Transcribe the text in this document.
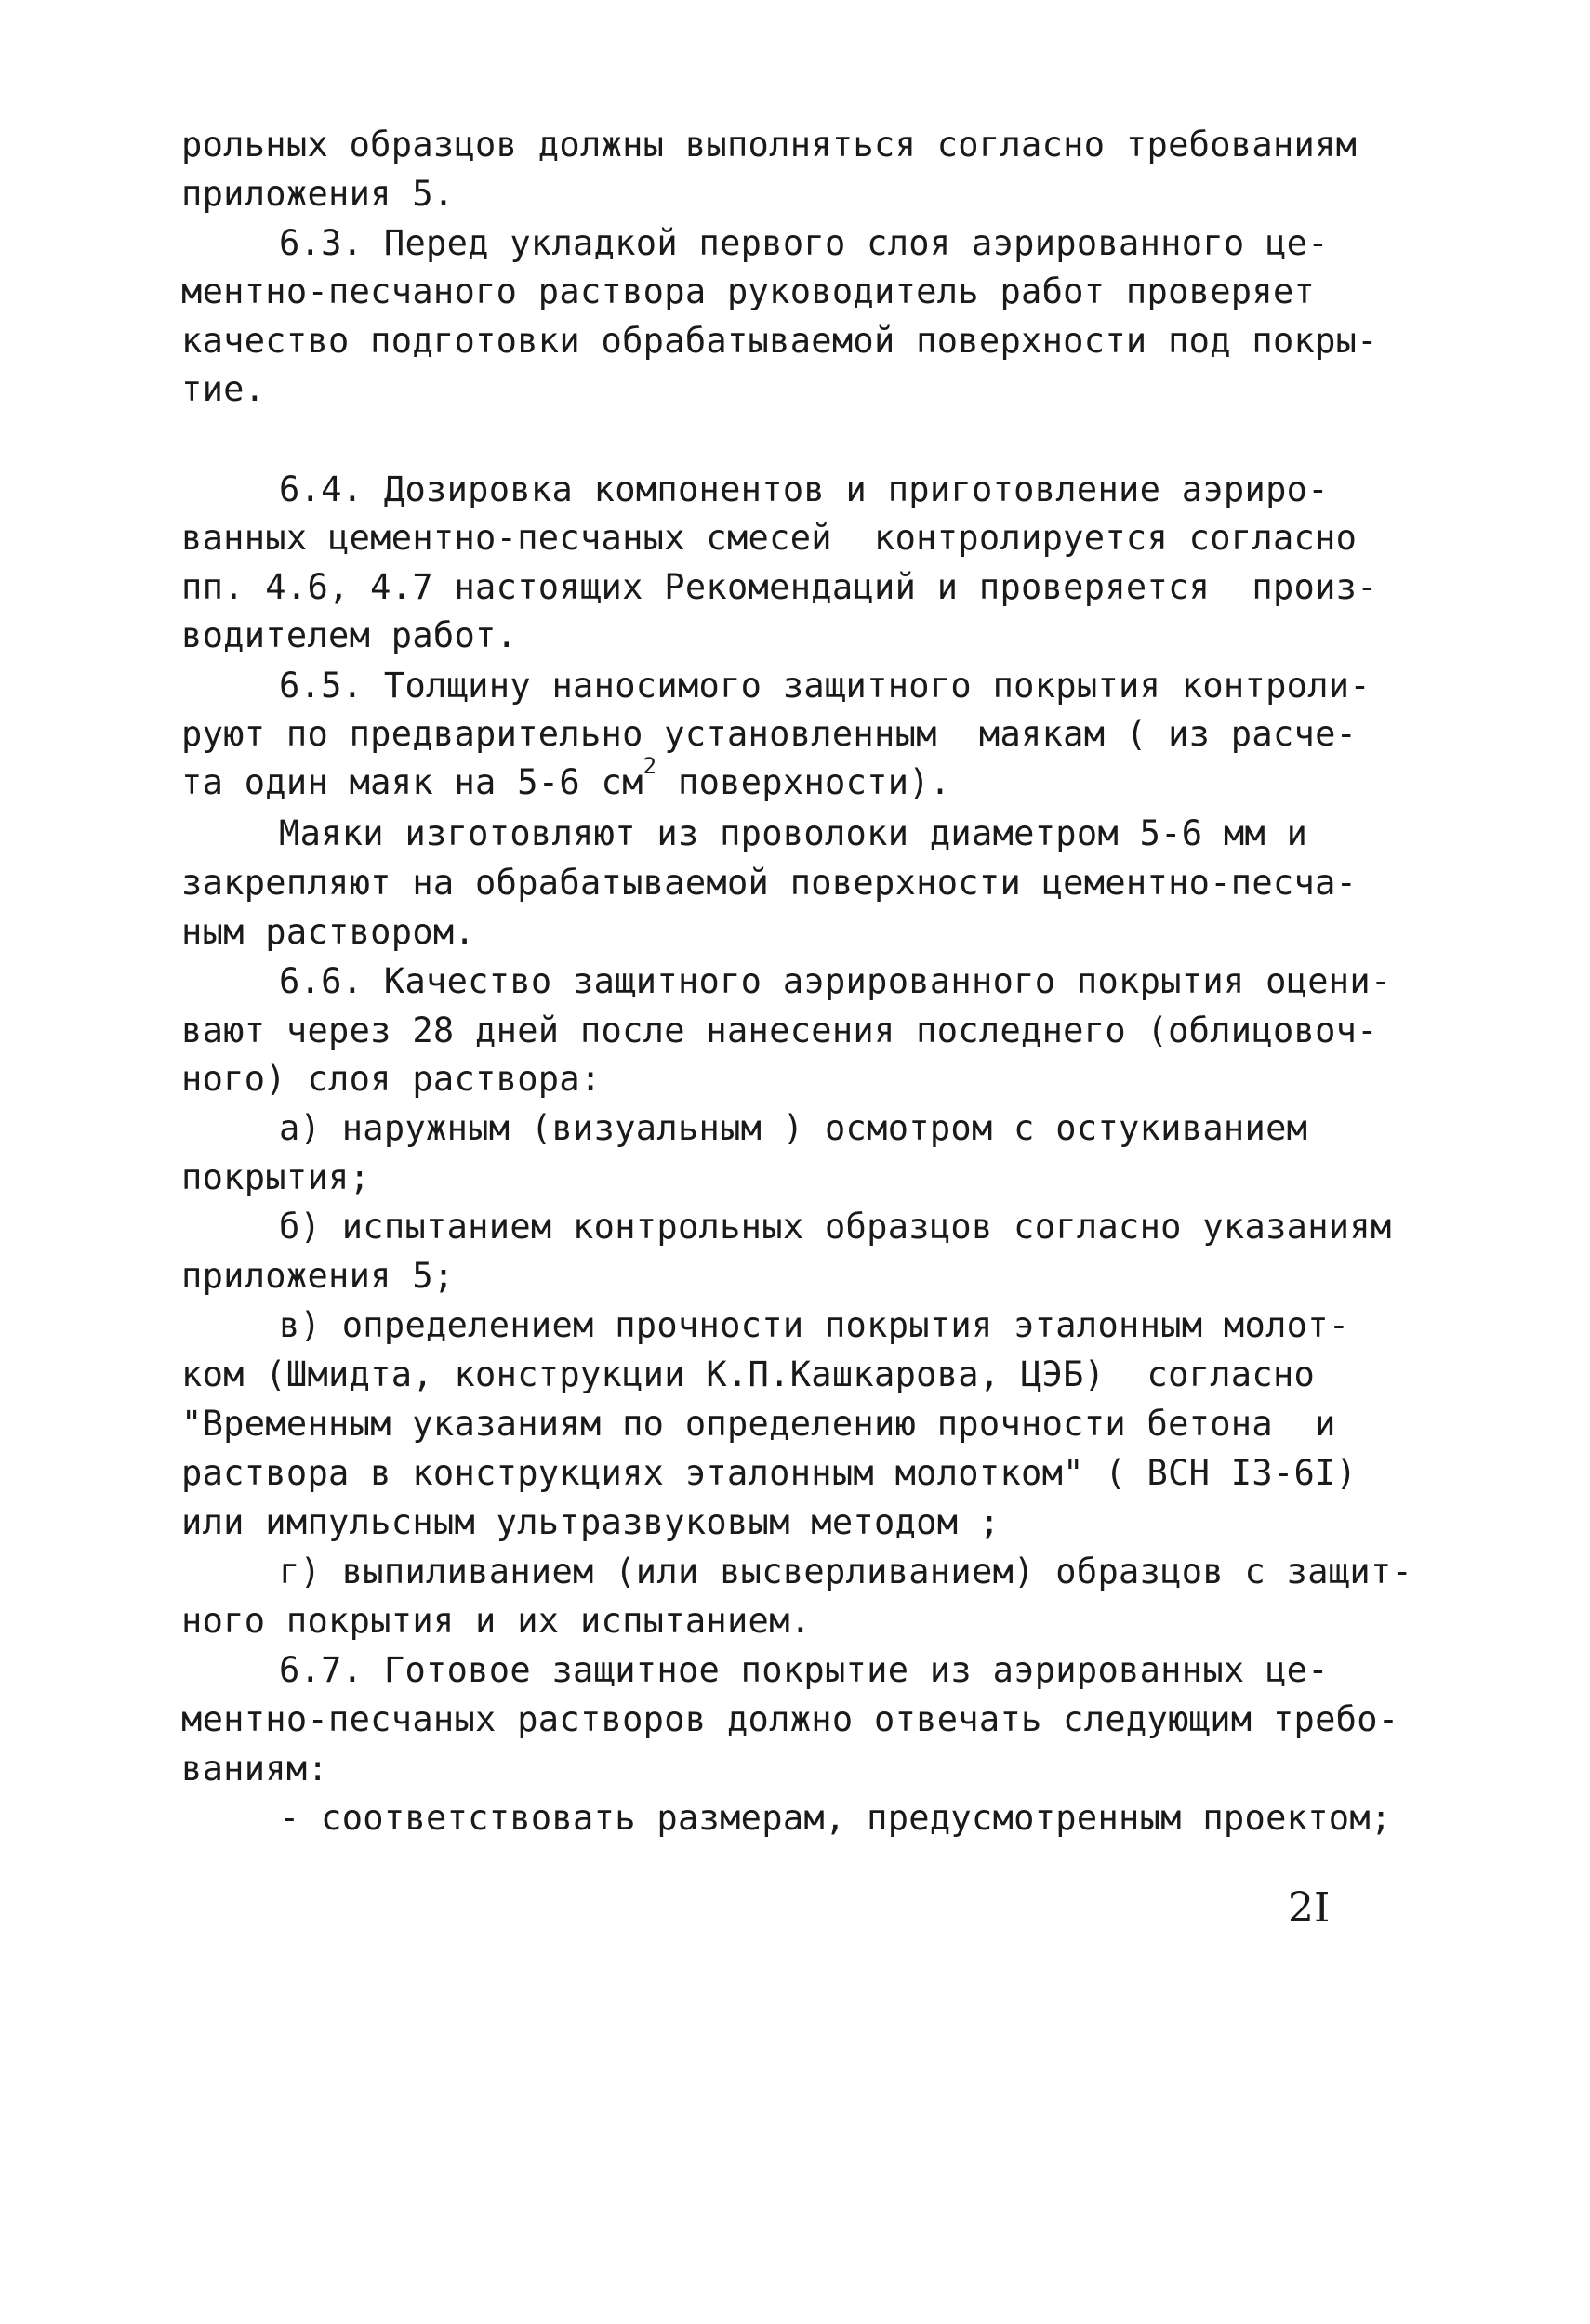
рольных образцов должны выполняться согласно требованиям
приложения 5.
6.3. Перед укладкой первого слоя аэрированного це-
ментно-песчаного раствора руководитель работ проверяет
качество подготовки обрабатываемой поверхности под покры-
тие.
6.4. Дозировка компонентов и приготовление аэриро-
ванных цементно-песчаных смесей  контролируется согласно
пп. 4.6, 4.7 настоящих Рекомендаций и проверяется  произ-
водителем работ.
6.5. Толщину наносимого защитного покрытия контроли-
руют по предварительно установленным  маякам ( из расче-
та один маяк на 5-6 $см^2$ поверхности).
Маяки изготовляют из проволоки диаметром 5-6 мм и
закрепляют на обрабатываемой поверхности цементно-песча-
ным раствором.
6.6. Качество защитного аэрированного покрытия оцени-
вают через 28 дней после нанесения последнего (облицовоч-
ного) слоя раствора:
а) наружным (визуальным ) осмотром с остукиванием
покрытия;
б) испытанием контрольных образцов согласно указаниям
приложения 5;
в) определением прочности покрытия эталонным молот-
ком (Шмидта, конструкции К.П.Кашкарова, ЦЭБ)  согласно
"Временным указаниям по определению прочности бетона  и
раствора в конструкциях эталонным молотком" ( ВСН I3-6I)
или импульсным ультразвуковым методом ;
г) выпиливанием (или высверливанием) образцов с защит-
ного покрытия и их испытанием.
6.7. Готовое защитное покрытие из аэрированных це-
ментно-песчаных растворов должно отвечать следующим требо-
ваниям:
- соответствовать размерам, предусмотренным проектом;
2I
